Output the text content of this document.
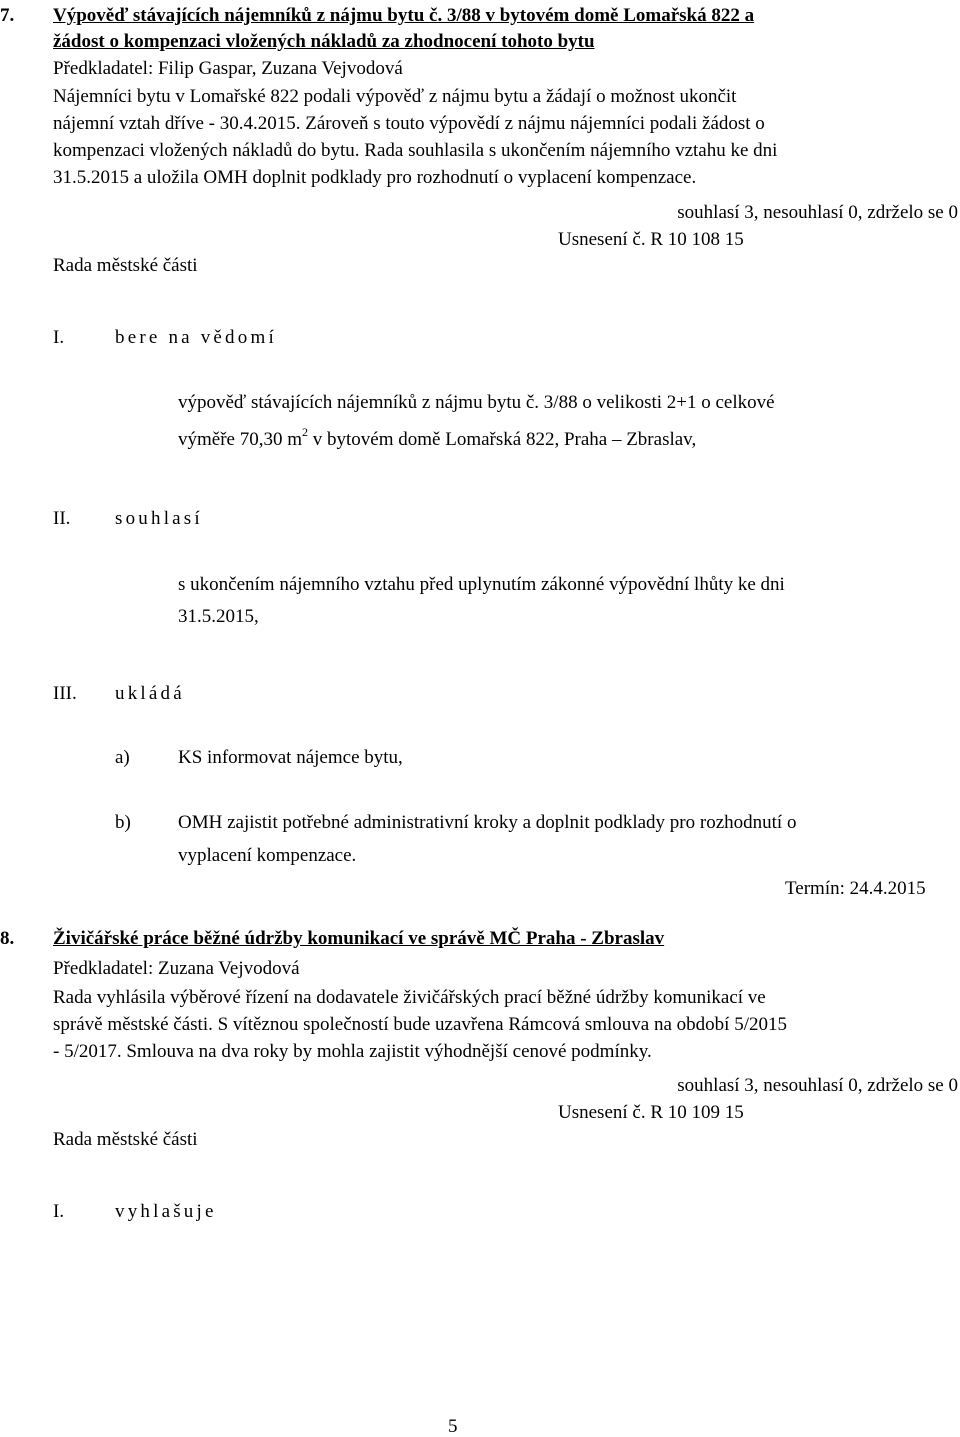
7. Výpověď stávajících nájemníků z nájmu bytu č. 3/88 v bytovém domě Lomařská 822 a
žádost o kompenzaci vložených nákladů za zhodnocení tohoto bytu
Předkladatel: Filip Gaspar, Zuzana Vejvodová
Nájemníci bytu v Lomařské 822 podali výpověď z nájmu bytu a žádají o možnost ukončit
nájemní vztah dříve - 30.4.2015. Zároveň s touto výpovědí z nájmu nájemníci podali žádost o
kompenzaci vložených nákladů do bytu. Rada souhlasila s ukončením nájemního vztahu ke dni
31.5.2015 a uložila OMH doplnit podklady pro rozhodnutí o vyplacení kompenzace.
souhlasí 3, nesouhlasí 0, zdrželo se 0
Usnesení č. R 10 108 15
Rada městské části
I.	bere na vědomí
výpověď stávajících nájemníků z nájmu bytu č. 3/88 o velikosti 2+1 o celkové
výměře 70,30 $m^2$ v bytovém domě Lomařská 822, Praha – Zbraslav,
II. souhlasí
s ukončením nájemního vztahu před uplynutím zákonné výpovědní lhůty ke dni
31.5.2015,
III. ukládá
a)	KS informovat nájemce bytu,
b) OMH zajistit potřebné administrativní kroky a doplnit podklady pro rozhodnutí o
vyplacení kompenzace.
Termín: 24.4.2015
8. Živičářské práce běžné údržby komunikací ve správě MČ Praha - Zbraslav
Předkladatel: Zuzana Vejvodová
Rada vyhlásila výběrové řízení na dodavatele živičářských prací běžné údržby komunikací ve
správě městské části. S vítěznou společností bude uzavřena Rámcová smlouva na období 5/2015
- 5/2017. Smlouva na dva roky by mohla zajistit výhodnější cenové podmínky.
souhlasí 3, nesouhlasí 0, zdrželo se 0
Usnesení č. R 10 109 15
Rada městské části
I.	vyhlašuje
5
